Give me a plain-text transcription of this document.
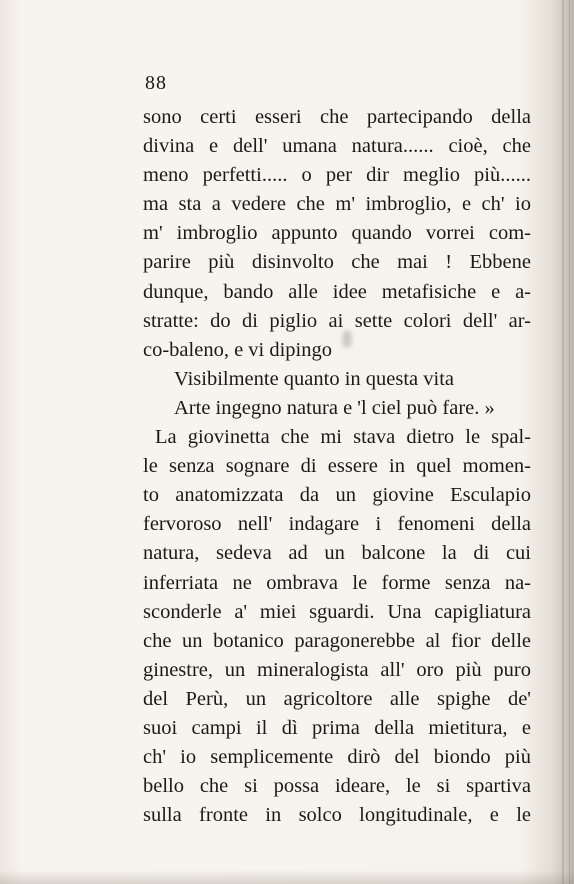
88
sono certi esseri che partecipando della
divina e dell' umana natura...... cioè, che
meno perfetti..... o per dir meglio più......
ma sta a vedere che m' imbroglio, e ch' io
m' imbroglio appunto quando vorrei com-
parire più disinvolto che mai ! Ebbene
dunque, bando alle idee metafisiche e a-
stratte: do di piglio ai sette colori dell' ar-
co-baleno, e vi dipingo
Visibilmente quanto in questa vita
Arte ingegno natura e 'l ciel può fare. »
La giovinetta che mi stava dietro le spal-
le senza sognare di essere in quel momen-
to anatomizzata da un giovine Esculapio
fervoroso nell' indagare i fenomeni della
natura, sedeva ad un balcone la di cui
inferriata ne ombrava le forme senza na-
sconderle a' miei sguardi. Una capigliatura
che un botanico paragonerebbe al fior delle
ginestre, un mineralogista all' oro più puro
del Perù, un agricoltore alle spighe de'
suoi campi il dì prima della mietitura, e
ch' io semplicemente dirò del biondo più
bello che si possa ideare, le si spartiva
sulla fronte in solco longitudinale, e le
